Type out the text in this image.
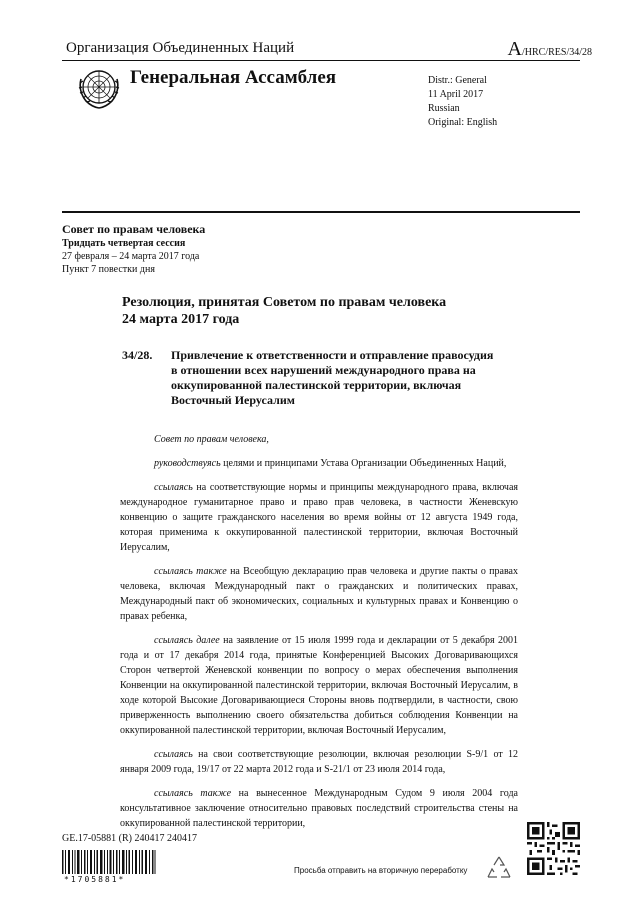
Организация Объединенных Наций	A/HRC/RES/34/28
Генеральная Ассамблея	Distr.: General
11 April 2017
Russian
Original: English
Совет по правам человека
Тридцать четвертая сессия
27 февраля – 24 марта 2017 года
Пункт 7 повестки дня
Резолюция, принятая Советом по правам человека
24 марта 2017 года
34/28. Привлечение к ответственности и отправление правосудия в отношении всех нарушений международного права на оккупированной палестинской территории, включая Восточный Иерусалим

Совет по правам человека,

руководствуясь целями и принципами Устава Организации Объединенных Наций,

ссылаясь на соответствующие нормы и принципы международного права, включая международное гуманитарное право и право прав человека, в частности Женевскую конвенцию о защите гражданского населения во время войны от 12 августа 1949 года, которая применима к оккупированной палестинской территории, включая Восточный Иерусалим,

ссылаясь также на Всеобщую декларацию прав человека и другие пакты о правах человека, включая Международный пакт о гражданских и политических правах, Международный пакт об экономических, социальных и культурных правах и Конвенцию о правах ребенка,

ссылаясь далее на заявление от 15 июля 1999 года и декларации от 5 декабря 2001 года и от 17 декабря 2014 года, принятые Конференцией Высоких Договаривающихся Сторон четвертой Женевской конвенции по вопросу о мерах обеспечения выполнения Конвенции на оккупированной палестинской территории, включая Восточный Иерусалим, в ходе которой Высокие Договаривающиеся Стороны вновь подтвердили, в частности, свою приверженность выполнению своего обязательства добиться соблюдения Конвенции на оккупированной палестинской территории, включая Восточный Иерусалим,

ссылаясь на свои соответствующие резолюции, включая резолюции S-9/1 от 12 января 2009 года, 19/17 от 22 марта 2012 года и S-21/1 от 23 июля 2014 года,

ссылаясь также на вынесенное Международным Судом 9 июля 2004 года консультативное заключение относительно правовых последствий строительства стены на оккупированной палестинской территории,

GE.17-05881 (R) 240417 240417
*1705881*
Просьба отправить на вторичную переработку
